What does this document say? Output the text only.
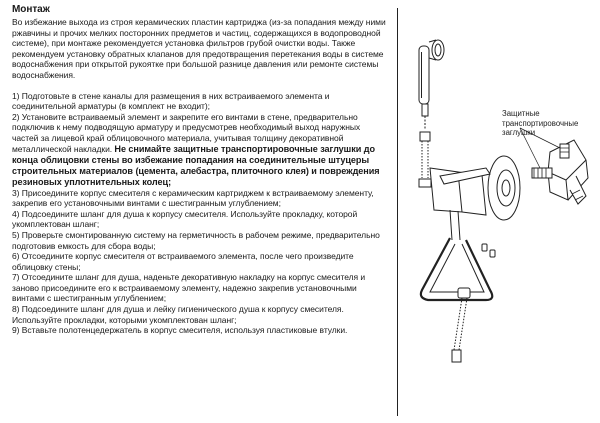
Монтаж

Во избежание выхода из строя керамических пластин картриджа (из-за попадания между ними ржавчины и прочих мелких посторонних предметов и частиц, содержащихся в водопроводной системе), при монтаже рекомендуется установка фильтров грубой очистки воды. Также рекомендуем установку обратных клапанов для предотвращения перетекания воды в системе водоснабжения при открытой рукоятке при большой разнице давления или ремонте системы водоснабжения.

1) Подготовьте в стене каналы для размещения в них встраиваемого элемента и соединительной арматуры (в комплект не входит);

2) Установите встраиваемый элемент и закрепите его винтами в стене, предварительно подключив к нему подводящую арматуру и предусмотрев необходимый выход наружных частей за лицевой край облицовочного материала, учитывая толщину декоративной металлической накладки. Не снимайте защитные транспортировочные заглушки до конца облицовки стены во избежание попадания на соединительные штуцеры строительных материалов (цемента, алебастра, плиточного клея) и повреждения резиновых уплотнительных колец;

3) Присоедините корпус смесителя с керамическим картриджем к встраиваемому элементу, закрепив его установочными винтами с шестигранным углублением;

4) Подсоедините шланг для душа к корпусу смесителя. Используйте прокладку, которой укомплектован шланг;

5) Проверьте смонтированную систему на герметичность в рабочем режиме, предварительно подготовив емкость для сбора воды;

6) Отсоедините корпус смесителя от встраиваемого элемента, после чего произведите облицовку стены;

7) Отсоедините шланг для душа, наденьте декоративную накладку на корпус смесителя и заново присоедините его к встраиваемому элементу, надежно закрепив установочными винтами с шестигранным углублением;

8) Подсоедините шланг для душа и лейку гигиенического душа к корпусу смесителя. Используйте прокладки, которыми укомплектован шланг;

9) Вставьте полотенцедержатель в корпус смесителя, используя пластиковые втулки.

Защитные транспортировочные заглушки
